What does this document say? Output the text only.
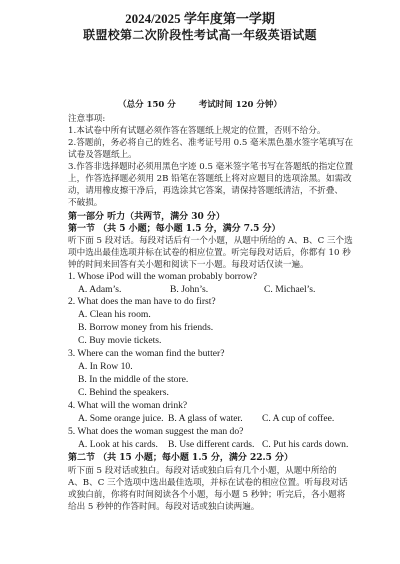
2024/2025 学年度第一学期
联盟校第二次阶段性考试高一年级英语试题
（总分 150 分	考试时间 120 分钟）
注意事项:
1.本试卷中所有试题必须作答在答题纸上规定的位置，否则不给分。
2.答题前，务必将自己的姓名、准考证号用 0.5 毫米黑色墨水签字笔填写在
试卷及答题纸上。
3.作答非选择题时必须用黑色字迹 0.5 毫米签字笔书写在答题纸的指定位置
上，作答选择题必须用 2B 铅笔在答题纸上将对应题目的选项涂黑。如需改
动，请用橡皮擦干净后，再选涂其它答案，请保持答题纸清洁，不折叠、
不破损。
第一部分 听力（共两节，满分 30 分）
第一节 （共 5 小题；每小题 1.5 分，满分 7.5 分）
听下面 5 段对话。每段对话后有一个小题，从题中所给的 A、B、C 三个选
项中选出最佳选项并标在试卷的相应位置。听完每段对话后，你都有 10 秒
钟的时间来回答有关小题和阅读下一小题。每段对话仅读一遍。
1. Whose iPod will the woman probably borrow?
A. Adam’s.	B. John’s.	C. Michael’s.
2. What does the man have to do first?
A. Clean his room.
B. Borrow money from his friends.
C. Buy movie tickets.
3. Where can the woman find the butter?
A. In Row 10.
B. In the middle of the store.
C. Behind the speakers.
4. What will the woman drink?
A. Some orange juice. B. A glass of water. C. A cup of coffee.
5. What does the woman suggest the man do?
A. Look at his cards. B. Use different cards. C. Put his cards down.
第二节 （共 15 小题；每小题 1.5 分，满分 22.5 分）
听下面 5 段对话或独白。每段对话或独白后有几个小题，从题中所给的
A、B、C 三个选项中选出最佳选项，并标在试卷的相应位置。听每段对话
或独白前，你将有时间阅读各个小题，每小题 5 秒钟；听完后，各小题将
给出 5 秒钟的作答时间。每段对话或独白读两遍。
